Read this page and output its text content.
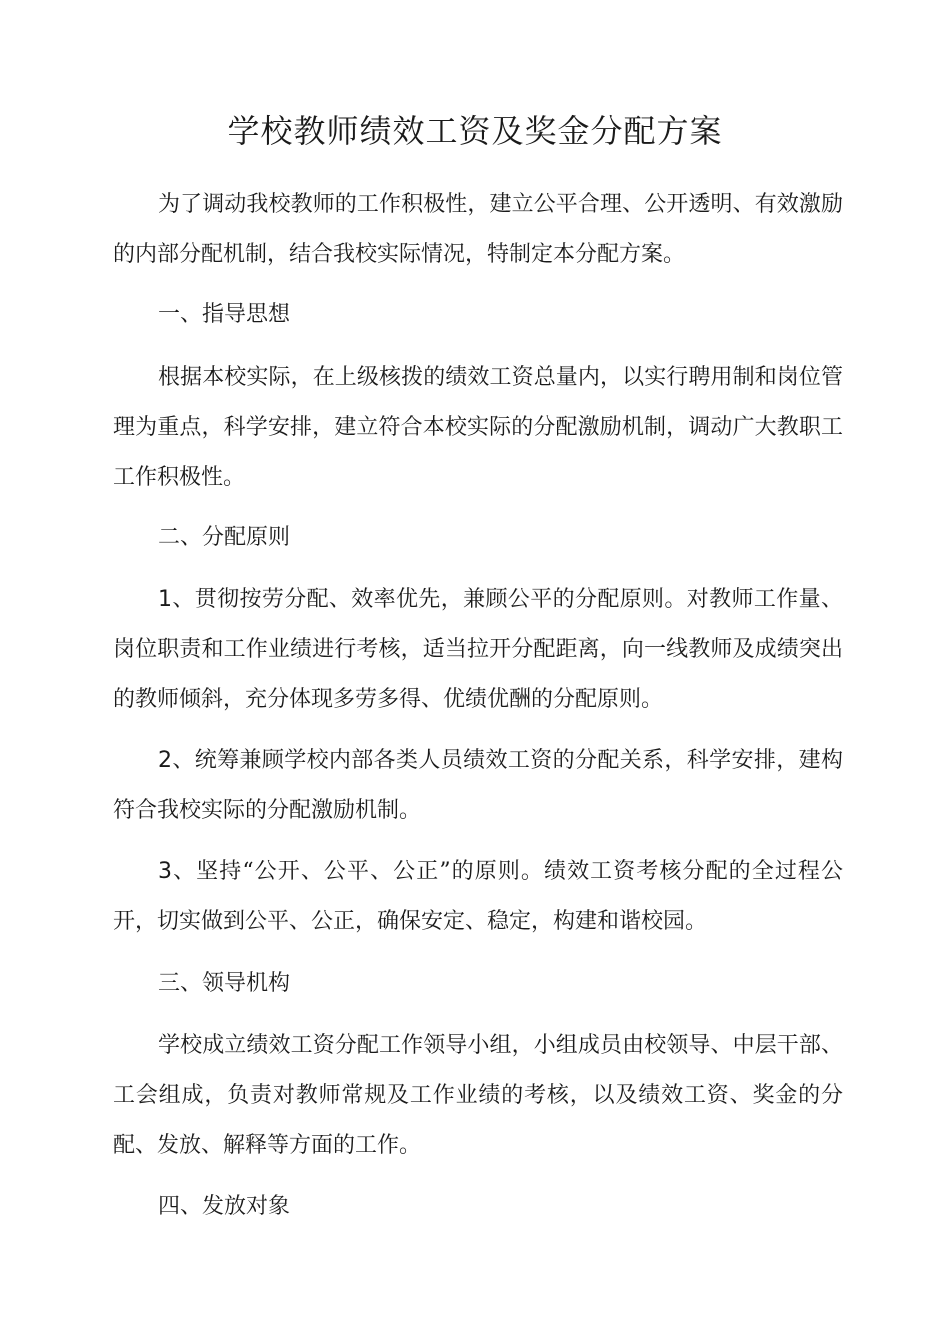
学校教师绩效工资及奖金分配方案

为了调动我校教师的工作积极性，建立公平合理、公开透明、有效激励的内部分配机制，结合我校实际情况，特制定本分配方案。

一、指导思想

根据本校实际，在上级核拨的绩效工资总量内，以实行聘用制和岗位管理为重点，科学安排，建立符合本校实际的分配激励机制，调动广大教职工工作积极性。

二、分配原则

1、贯彻按劳分配、效率优先，兼顾公平的分配原则。对教师工作量、岗位职责和工作业绩进行考核，适当拉开分配距离，向一线教师及成绩突出的教师倾斜，充分体现多劳多得、优绩优酬的分配原则。

2、统筹兼顾学校内部各类人员绩效工资的分配关系，科学安排，建构符合我校实际的分配激励机制。

3、坚持“公开、公平、公正”的原则。绩效工资考核分配的全过程公开，切实做到公平、公正，确保安定、稳定，构建和谐校园。

三、领导机构

学校成立绩效工资分配工作领导小组，小组成员由校领导、中层干部、工会组成，负责对教师常规及工作业绩的考核，以及绩效工资、奖金的分配、发放、解释等方面的工作。

四、发放对象
